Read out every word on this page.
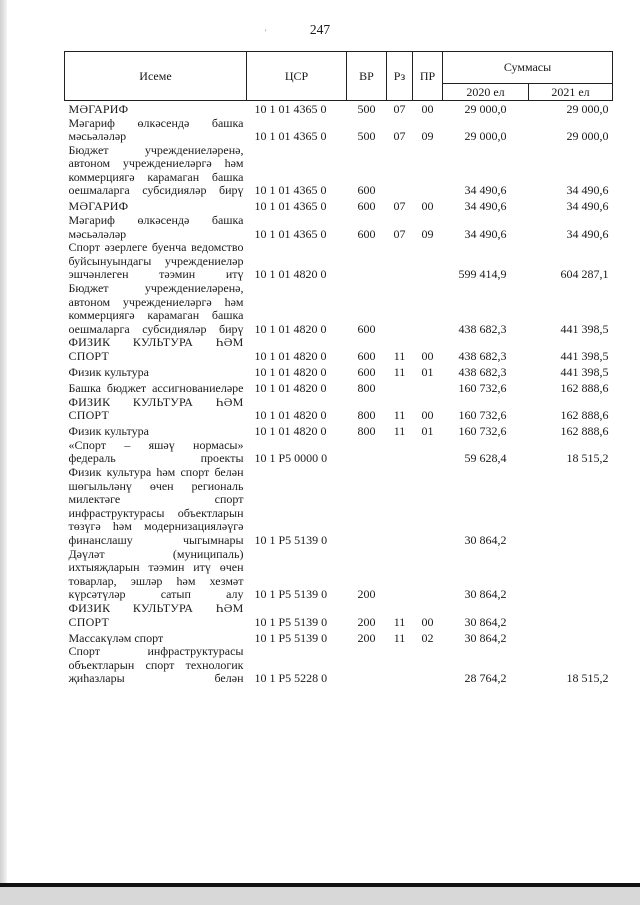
'	247
Исеме	ЦСР	ВР	Рз	ПР	Суммасы	
					2020 ел	2021 ел
МӘГАРИФ	10 1 01 4365 0	500	07	00	29 000,0	29 000,0
Мәгариф өлкәсендә башка мәсьәләләр	10 1 01 4365 0	500	07	09	29 000,0	29 000,0
Бюджет учреждениеләренә, автоном учреждениеләргә һәм коммерциягә карамаган башка оешмаларга субсидияләр бирү	10 1 01 4365 0	600			34 490,6	34 490,6
МӘГАРИФ	10 1 01 4365 0	600	07	00	34 490,6	34 490,6
Мәгариф өлкәсендә башка мәсьәләләр	10 1 01 4365 0	600	07	09	34 490,6	34 490,6
Спорт әзерлеге буенча ведомство буйсынуындагы учреждениеләр эшчәнлеген тәэмин итү	10 1 01 4820 0				599 414,9	604 287,1
Бюджет учреждениеләренә, автоном учреждениеләргә һәм коммерциягә карамаган башка оешмаларга субсидияләр бирү	10 1 01 4820 0	600			438 682,3	441 398,5
ФИЗИК КУЛЬТУРА ҺӘМ СПОРТ	10 1 01 4820 0	600	11	00	438 682,3	441 398,5
Физик культура	10 1 01 4820 0	600	11	01	438 682,3	441 398,5
Башка бюджет ассигнованиеләре	10 1 01 4820 0	800			160 732,6	162 888,6
ФИЗИК КУЛЬТУРА ҺӘМ СПОРТ	10 1 01 4820 0	800	11	00	160 732,6	162 888,6
Физик культура	10 1 01 4820 0	800	11	01	160 732,6	162 888,6
«Спорт – яшәү нормасы» федераль проекты	10 1 P5 0000 0				59 628,4	18 515,2
Физик культура һәм спорт белән шөгыльләнү өчен региональ милектәге спорт инфраструктурасы объектларын төзүгә һәм модернизацияләүгә финанслашу чыгымнары	10 1 P5 5139 0				30 864,2	
Дәүләт (муниципаль) ихтыяҗларын тәэмин итү өчен товарлар, эшләр һәм хезмәт күрсәтүләр сатып алу	10 1 P5 5139 0	200			30 864,2	
ФИЗИК КУЛЬТУРА ҺӘМ СПОРТ	10 1 P5 5139 0	200	11	00	30 864,2	
Массакүләм спорт	10 1 P5 5139 0	200	11	02	30 864,2	
Спорт инфраструктурасы объектларын спорт технологик җиһазлары белән	10 1 P5 5228 0				28 764,2	18 515,2
